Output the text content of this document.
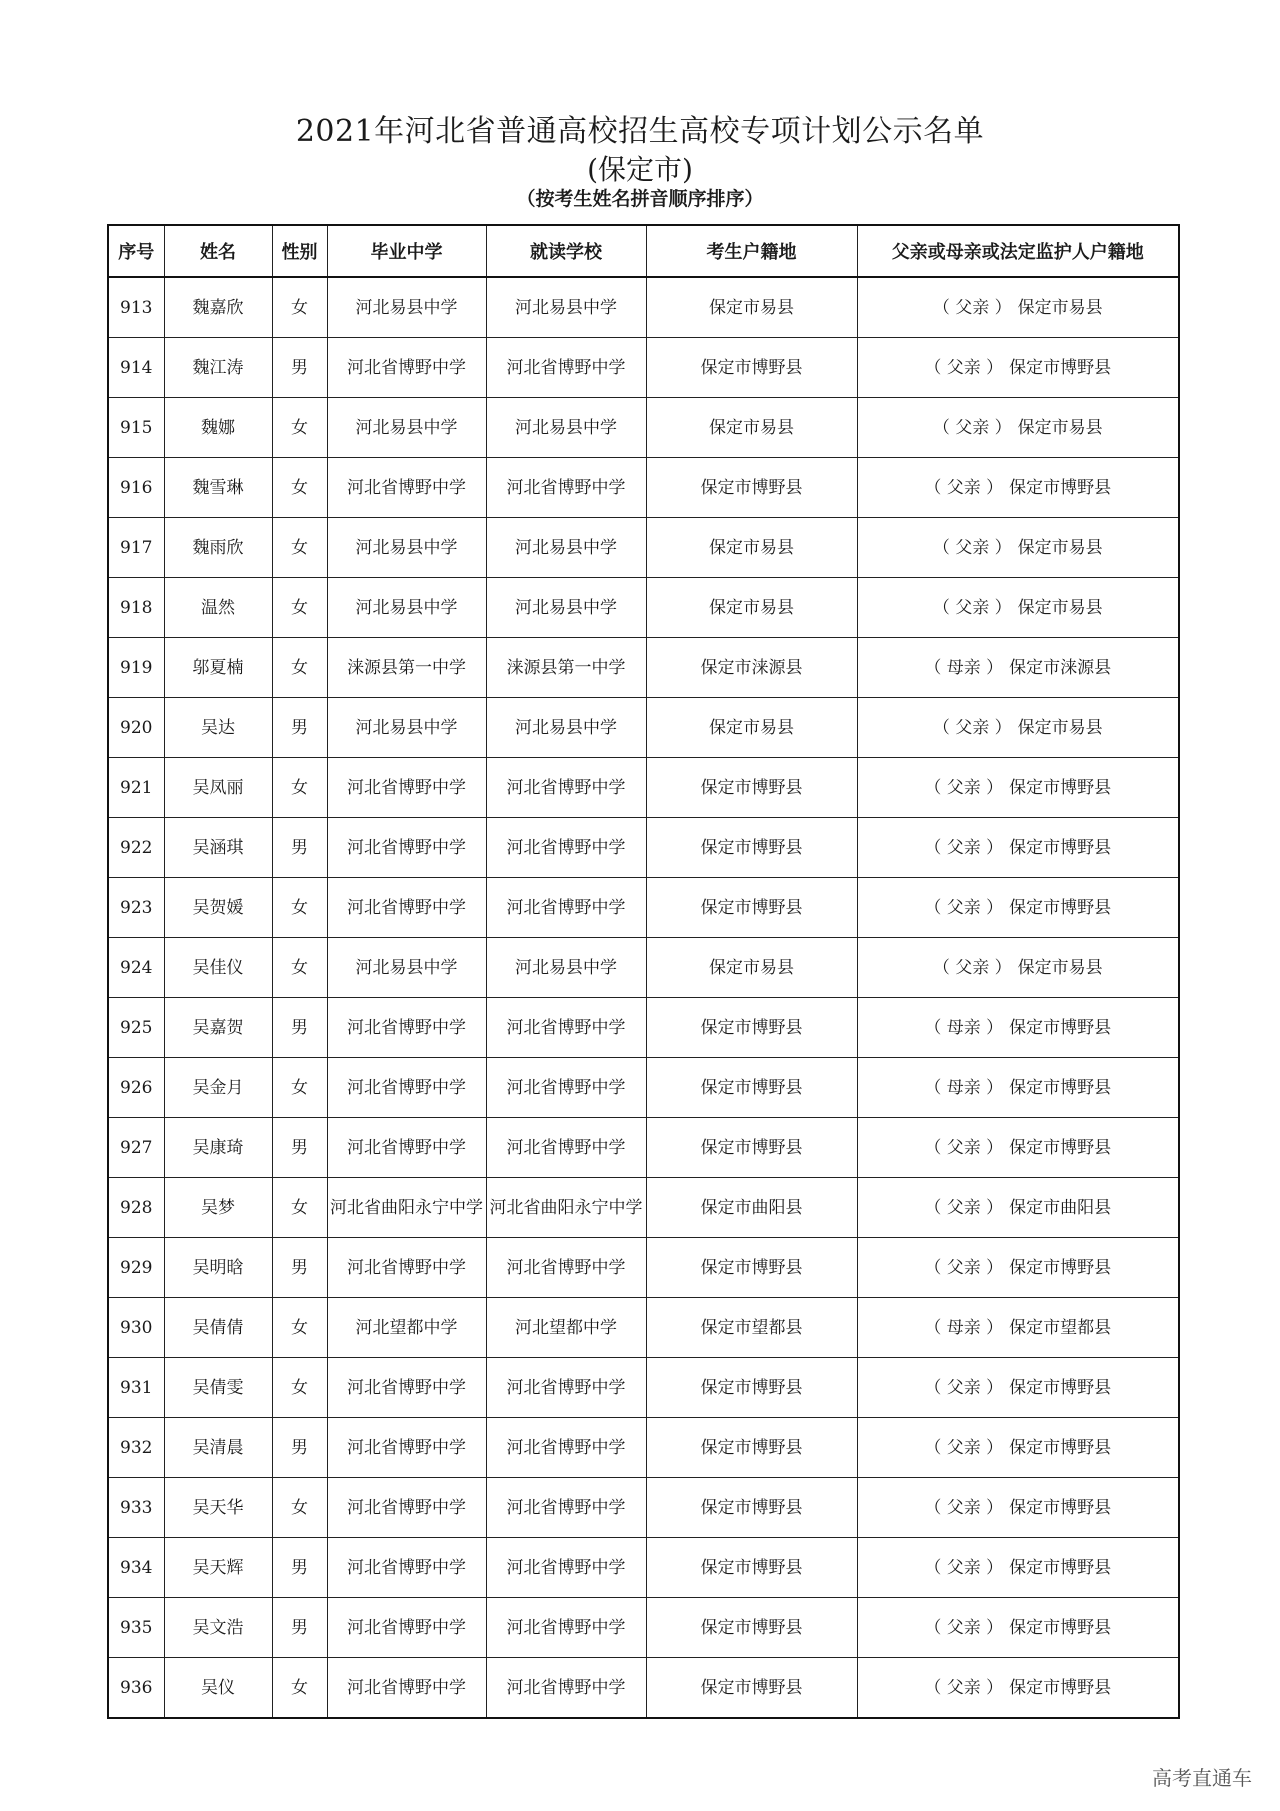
2021年河北省普通高校招生高校专项计划公示名单
(保定市)
（按考生姓名拼音顺序排序）
序号	姓名	性别	毕业中学	就读学校	考生户籍地	父亲或母亲或法定监护人户籍地
913	魏嘉欣	女	河北易县中学	河北易县中学	保定市易县	（ 父亲 ） 保定市易县
914	魏江涛	男	河北省博野中学	河北省博野中学	保定市博野县	（ 父亲 ） 保定市博野县
915	魏娜	女	河北易县中学	河北易县中学	保定市易县	（ 父亲 ） 保定市易县
916	魏雪琳	女	河北省博野中学	河北省博野中学	保定市博野县	（ 父亲 ） 保定市博野县
917	魏雨欣	女	河北易县中学	河北易县中学	保定市易县	（ 父亲 ） 保定市易县
918	温然	女	河北易县中学	河北易县中学	保定市易县	（ 父亲 ） 保定市易县
919	邬夏楠	女	涞源县第一中学	涞源县第一中学	保定市涞源县	（ 母亲 ） 保定市涞源县
920	吴达	男	河北易县中学	河北易县中学	保定市易县	（ 父亲 ） 保定市易县
921	吴凤丽	女	河北省博野中学	河北省博野中学	保定市博野县	（ 父亲 ） 保定市博野县
922	吴涵琪	男	河北省博野中学	河北省博野中学	保定市博野县	（ 父亲 ） 保定市博野县
923	吴贺媛	女	河北省博野中学	河北省博野中学	保定市博野县	（ 父亲 ） 保定市博野县
924	吴佳仪	女	河北易县中学	河北易县中学	保定市易县	（ 父亲 ） 保定市易县
925	吴嘉贺	男	河北省博野中学	河北省博野中学	保定市博野县	（ 母亲 ） 保定市博野县
926	吴金月	女	河北省博野中学	河北省博野中学	保定市博野县	（ 母亲 ） 保定市博野县
927	吴康琦	男	河北省博野中学	河北省博野中学	保定市博野县	（ 父亲 ） 保定市博野县
928	吴梦	女	河北省曲阳永宁中学	河北省曲阳永宁中学	保定市曲阳县	（ 父亲 ） 保定市曲阳县
929	吴明晗	男	河北省博野中学	河北省博野中学	保定市博野县	（ 父亲 ） 保定市博野县
930	吴倩倩	女	河北望都中学	河北望都中学	保定市望都县	（ 母亲 ） 保定市望都县
931	吴倩雯	女	河北省博野中学	河北省博野中学	保定市博野县	（ 父亲 ） 保定市博野县
932	吴清晨	男	河北省博野中学	河北省博野中学	保定市博野县	（ 父亲 ） 保定市博野县
933	吴天华	女	河北省博野中学	河北省博野中学	保定市博野县	（ 父亲 ） 保定市博野县
934	吴天辉	男	河北省博野中学	河北省博野中学	保定市博野县	（ 父亲 ） 保定市博野县
935	吴文浩	男	河北省博野中学	河北省博野中学	保定市博野县	（ 父亲 ） 保定市博野县
936	吴仪	女	河北省博野中学	河北省博野中学	保定市博野县	（ 父亲 ） 保定市博野县
高考直通车
